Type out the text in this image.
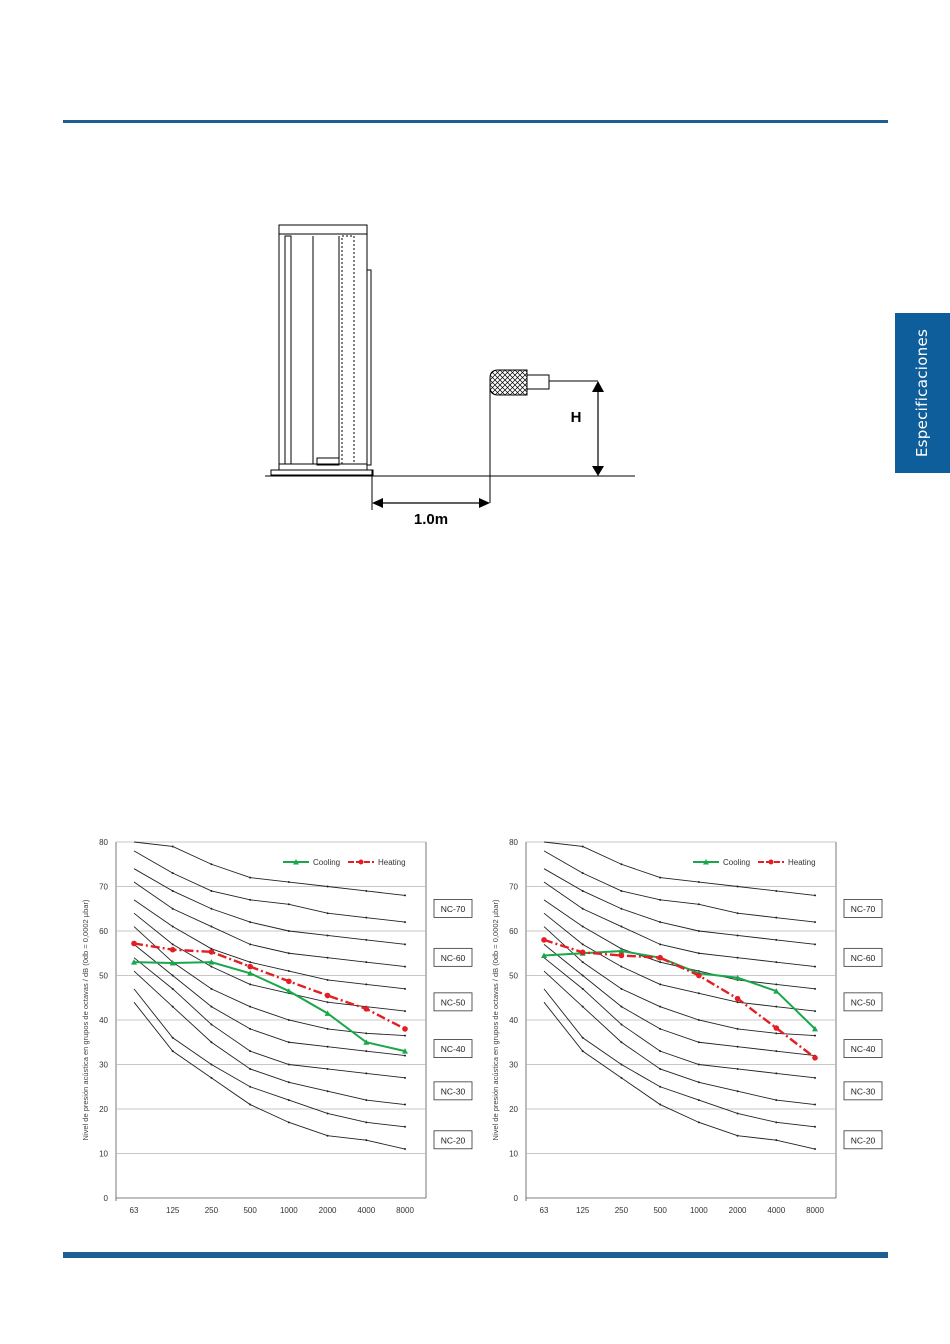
Especificaciones
H
1.0m
Nivel de presión acústica en grupos de octavas / dB (0db = 0,0002 µbar)	NC-70
NC-60
NC-50
NC-40
NC-30
NC-20
0
10
20
30
40
50
60
70
80
63	125	250	500	1000	2000	4000	8000
Cooling	Heating
Nivel de presión acústica en grupos de octavas / dB (0db = 0,0002 µbar)	NC-70
NC-60
NC-50
NC-40
NC-30
NC-20
0
10
20
30
40
50
60
70
80
63	125	250	500	1000	2000	4000	8000
Cooling	Heating
